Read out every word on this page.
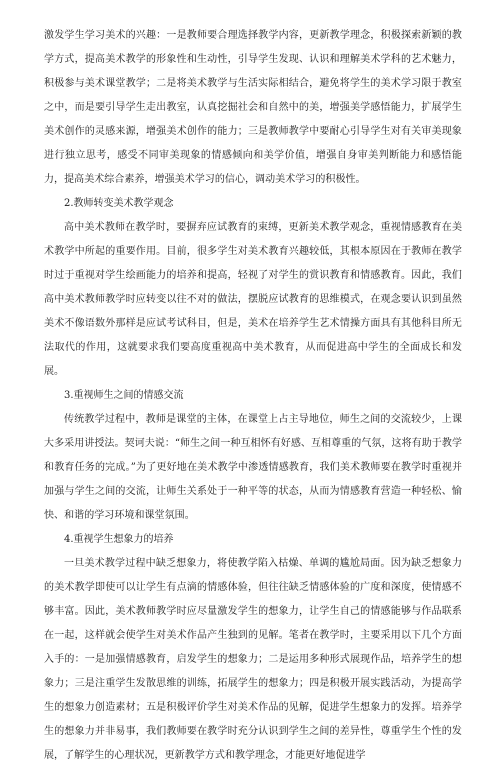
激发学生学习美术的兴趣：一是教师要合理选择教学内容，更新教学理念，积极探索新颖的教学方式，提高美术教学的形象性和生动性，引导学生发现、认识和理解美术学科的艺术魅力，积极参与美术课堂教学；二是将美术教学与生活实际相结合，避免将学生的美术学习限于教室之中，而是要引导学生走出教室，认真挖掘社会和自然中的美，增强美学感悟能力，扩展学生美术创作的灵感来源，增强美术创作的能力；三是教师教学中要耐心引导学生对有关审美现象进行独立思考，感受不同审美现象的情感倾向和美学价值，增强自身审美判断能力和感悟能力，提高美术综合素养，增强美术学习的信心，调动美术学习的积极性。

2.教师转变美术教学观念

高中美术教师在教学时，要摒弃应试教育的束缚，更新美术教学观念，重视情感教育在美术教学中所起的重要作用。目前，很多学生对美术教育兴趣较低，其根本原因在于教师在教学时过于重视对学生绘画能力的培养和提高，轻视了对学生的赏识教育和情感教育。因此，我们高中美术教师教学时应转变以往不对的做法，摆脱应试教育的思维模式，在观念要认识到虽然美术不像语数外那样是应试考试科目，但是，美术在培养学生艺术情操方面具有其他科目所无法取代的作用，这就要求我们要高度重视高中美术教育，从而促进高中学生的全面成长和发展。

3.重视师生之间的情感交流

传统教学过程中，教师是课堂的主体，在课堂上占主导地位，师生之间的交流较少，上课大多采用讲授法。契诃夫说：“师生之间一种互相怀有好感、互相尊重的气氛，这将有助于教学和教育任务的完成。”为了更好地在美术教学中渗透情感教育，我们美术教师要在教学时重视并加强与学生之间的交流，让师生关系处于一种平等的状态，从而为情感教育营造一种轻松、愉快、和谐的学习环境和课堂氛围。

4.重视学生想象力的培养

一旦美术教学过程中缺乏想象力，将使教学陷入枯燥、单调的尴尬局面。因为缺乏想象力的美术教学即使可以让学生有点滴的情感体验，但往往缺乏情感体验的广度和深度，使情感不够丰富。因此，美术教师教学时应尽量激发学生的想象力，让学生自己的情感能够与作品联系在一起，这样就会使学生对美术作品产生独到的见解。笔者在教学时，主要采用以下几个方面入手的：一是加强情感教育，启发学生的想象力；二是运用多种形式展现作品，培养学生的想象力；三是注重学生发散思维的训练，拓展学生的想象力；四是积极开展实践活动，为提高学生的想象力创造素材；五是积极评价学生对美术作品的见解，促进学生想象力的发挥。培养学生的想象力并非易事，我们教师要在教学时充分认识到学生之间的差异性，尊重学生个性的发展，了解学生的心理状况，更新教学方式和教学理念，才能更好地促进学
